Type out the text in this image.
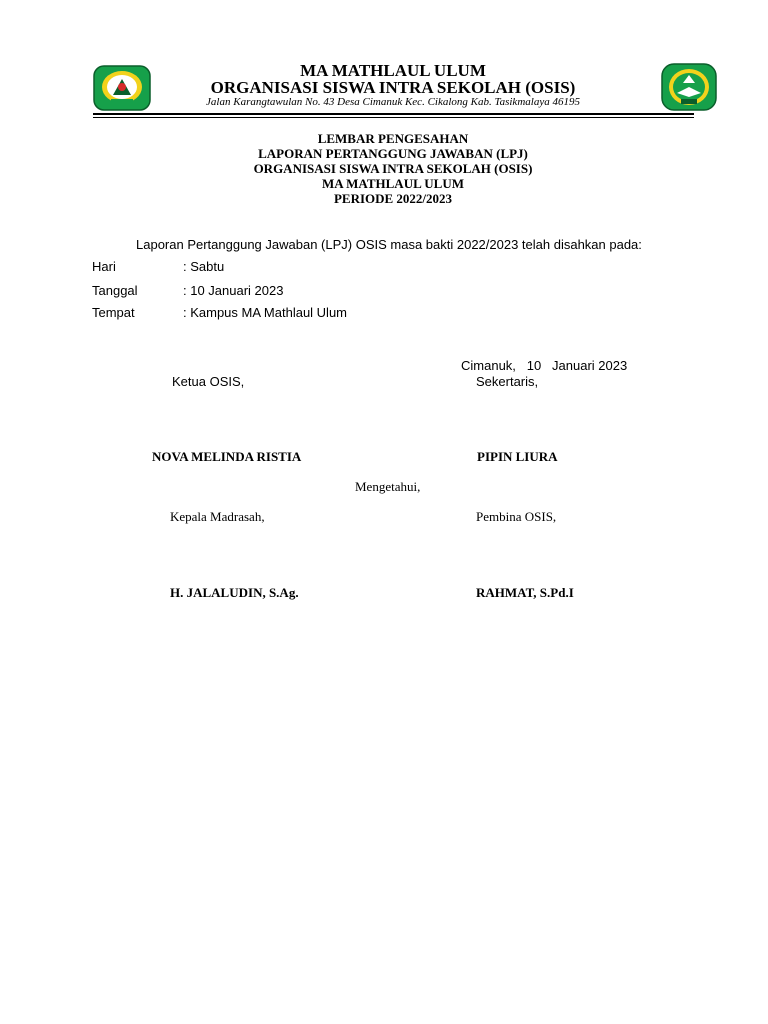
MA MATHLAUL ULUM
ORGANISASI SISWA INTRA SEKOLAH (OSIS)
Jalan Karangtawulan No. 43 Desa Cimanuk Kec. Cikalong Kab. Tasikmalaya 46195
LEMBAR PENGESAHAN
LAPORAN PERTANGGUNG JAWABAN (LPJ)
ORGANISASI SISWA INTRA SEKOLAH (OSIS)
MA MATHLAUL ULUM
PERIODE 2022/2023
Laporan Pertanggung Jawaban (LPJ) OSIS masa bakti 2022/2023 telah disahkan pada:
Hari	: Sabtu
Tanggal	: 10 Januari 2023
Tempat	: Kampus MA Mathlaul Ulum
Cimanuk,   10   Januari 2023
Ketua OSIS,	Sekertaris,
NOVA MELINDA RISTIA	PIPIN LIURA
Mengetahui,
Kepala Madrasah,	Pembina OSIS,
H. JALALUDIN, S.Ag.	RAHMAT, S.Pd.I
